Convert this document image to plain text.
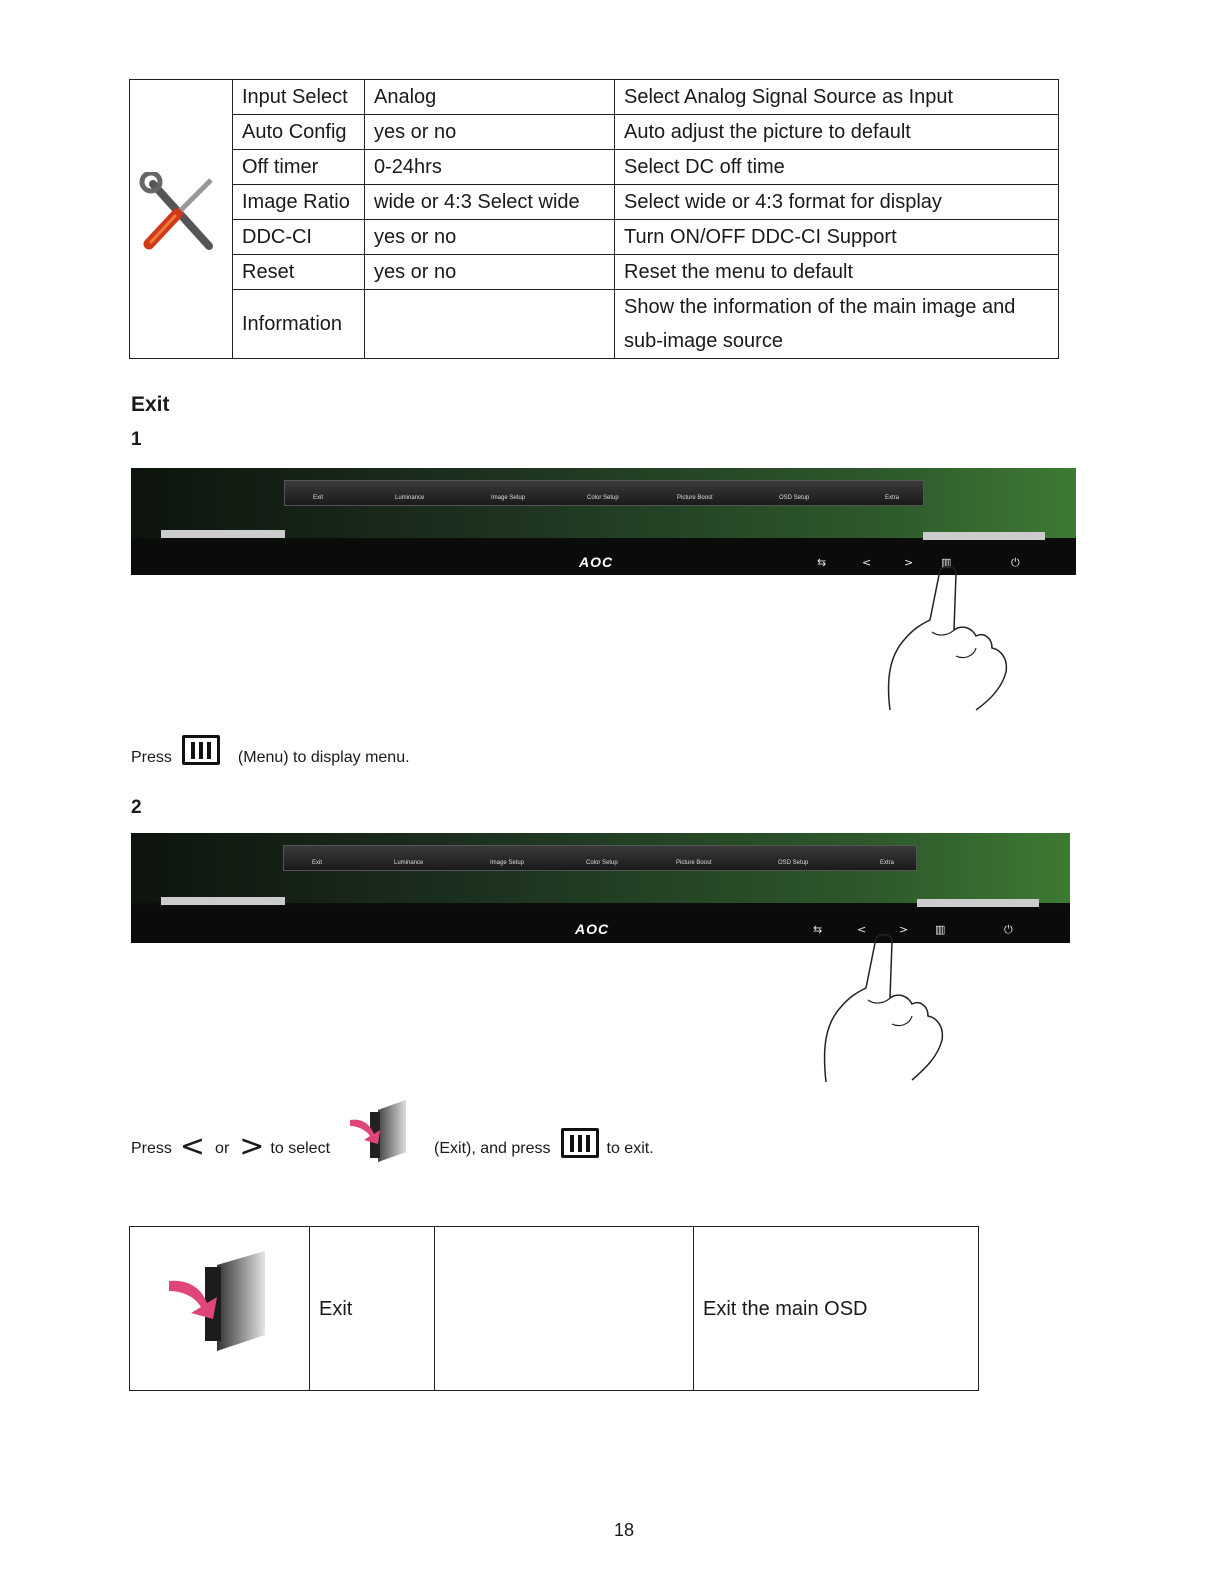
	Input Select	Analog	Select Analog Signal Source as Input
	Auto Config	yes or no	Auto adjust the picture to default
	Off timer	0-24hrs	Select DC off time
	Image Ratio	wide or 4:3 Select wide	Select wide or 4:3 format for display
	DDC-CI	yes or no	Turn ON/OFF DDC-CI Support
	Reset	yes or no	Reset the menu to default
	Information		Show the information of the main image and
sub-image source
Exit
1
Exit	Luminance	Image Setup	Color Setup	Picture Boost	OSD Setup	Extra
AOC	⇆	<	>	▥	⏻
Press	(Menu) to display menu.
2
Exit	Luminance	Image Setup	Color Setup	Picture Boost	OSD Setup	Extra
AOC	⇆	<	> ▥	⏻
Press < or > to select	(Exit), and press	to exit.
	Exit		Exit the main OSD
18
